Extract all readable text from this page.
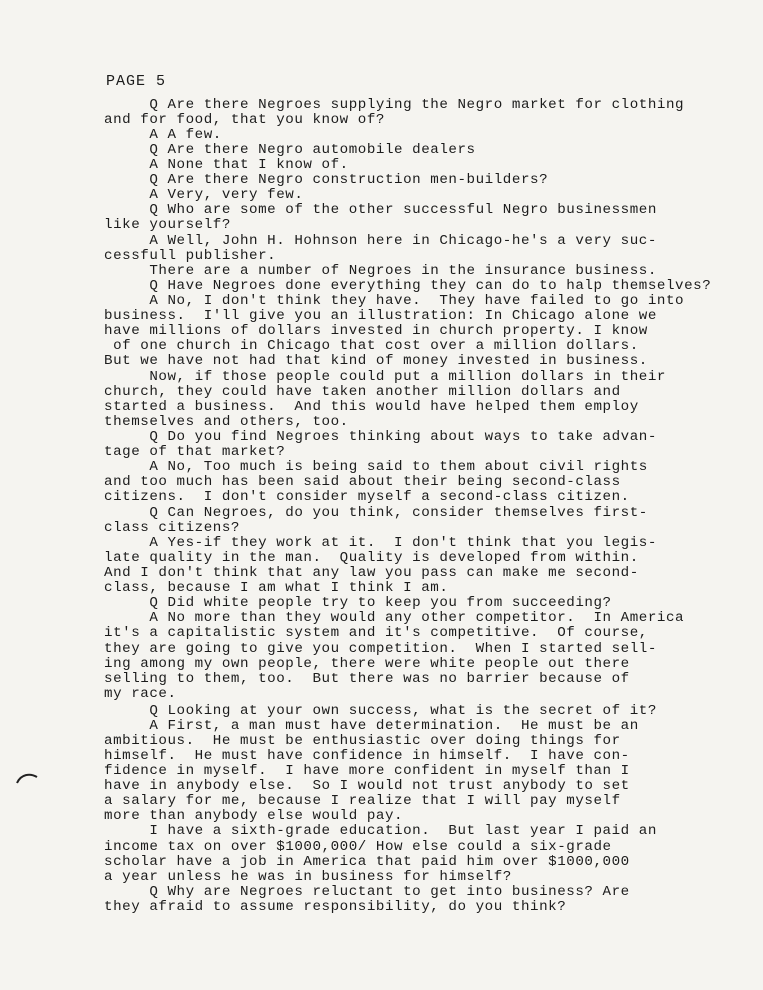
PAGE 5
Q Are there Negroes supplying the Negro market for clothing
and for food, that you know of?
A A few.
Q Are there Negro automobile dealers
A None that I know of.
Q Are there Negro construction men-builders?
A Very, very few.
Q Who are some of the other successful Negro businessmen
like yourself?
A Well, John H. Hohnson here in Chicago-he's a very suc-
cessfull publisher.
There are a number of Negroes in the insurance business.
Q Have Negroes done everything they can do to halp themselves?
A No, I don't think they have.  They have failed to go into
business.  I'll give you an illustration: In Chicago alone we
have millions of dollars invested in church property. I know
of one church in Chicago that cost over a million dollars.
But we have not had that kind of money invested in business.
Now, if those people could put a million dollars in their
church, they could have taken another million dollars and
started a business.  And this would have helped them employ
themselves and others, too.
Q Do you find Negroes thinking about ways to take advan-
tage of that market?
A No, Too much is being said to them about civil rights
and too much has been said about their being second-class
citizens.  I don't consider myself a second-class citizen.
Q Can Negroes, do you think, consider themselves first-
class citizens?
A Yes-if they work at it.  I don't think that you legis-
late quality in the man.  Quality is developed from within.
And I don't think that any law you pass can make me second-
class, because I am what I think I am.
Q Did white people try to keep you from succeeding?
A No more than they would any other competitor.  In America
it's a capitalistic system and it's competitive.  Of course,
they are going to give you competition.  When I started sell-
ing among my own people, there were white people out there
selling to them, too.  But there was no barrier because of
my race.
Q Looking at your own success, what is the secret of it?
A First, a man must have determination.  He must be an
ambitious.  He must be enthusiastic over doing things for
himself.  He must have confidence in himself.  I have con-
fidence in myself.  I have more confident in myself than I
have in anybody else.  So I would not trust anybody to set
a salary for me, because I realize that I will pay myself
more than anybody else would pay.
I have a sixth-grade education.  But last year I paid an
income tax on over $1000,000/ How else could a six-grade
scholar have a job in America that paid him over $1000,000
a year unless he was in business for himself?
Q Why are Negroes reluctant to get into business? Are
they afraid to assume responsibility, do you think?
